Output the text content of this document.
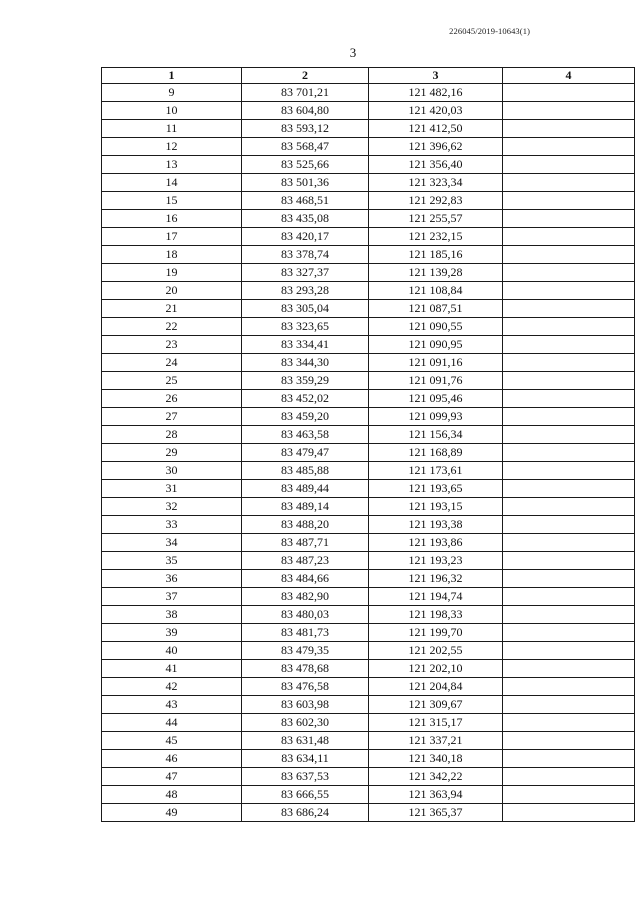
226045/2019-10643(1)
3
1	2	3	4
9	83 701,21	121 482,16	
10	83 604,80	121 420,03	
11	83 593,12	121 412,50	
12	83 568,47	121 396,62	
13	83 525,66	121 356,40	
14	83 501,36	121 323,34	
15	83 468,51	121 292,83	
16	83 435,08	121 255,57	
17	83 420,17	121 232,15	
18	83 378,74	121 185,16	
19	83 327,37	121 139,28	
20	83 293,28	121 108,84	
21	83 305,04	121 087,51	
22	83 323,65	121 090,55	
23	83 334,41	121 090,95	
24	83 344,30	121 091,16	
25	83 359,29	121 091,76	
26	83 452,02	121 095,46	
27	83 459,20	121 099,93	
28	83 463,58	121 156,34	
29	83 479,47	121 168,89	
30	83 485,88	121 173,61	
31	83 489,44	121 193,65	
32	83 489,14	121 193,15	
33	83 488,20	121 193,38	
34	83 487,71	121 193,86	
35	83 487,23	121 193,23	
36	83 484,66	121 196,32	
37	83 482,90	121 194,74	
38	83 480,03	121 198,33	
39	83 481,73	121 199,70	
40	83 479,35	121 202,55	
41	83 478,68	121 202,10	
42	83 476,58	121 204,84	
43	83 603,98	121 309,67	
44	83 602,30	121 315,17	
45	83 631,48	121 337,21	
46	83 634,11	121 340,18	
47	83 637,53	121 342,22	
48	83 666,55	121 363,94	
49	83 686,24	121 365,37	
